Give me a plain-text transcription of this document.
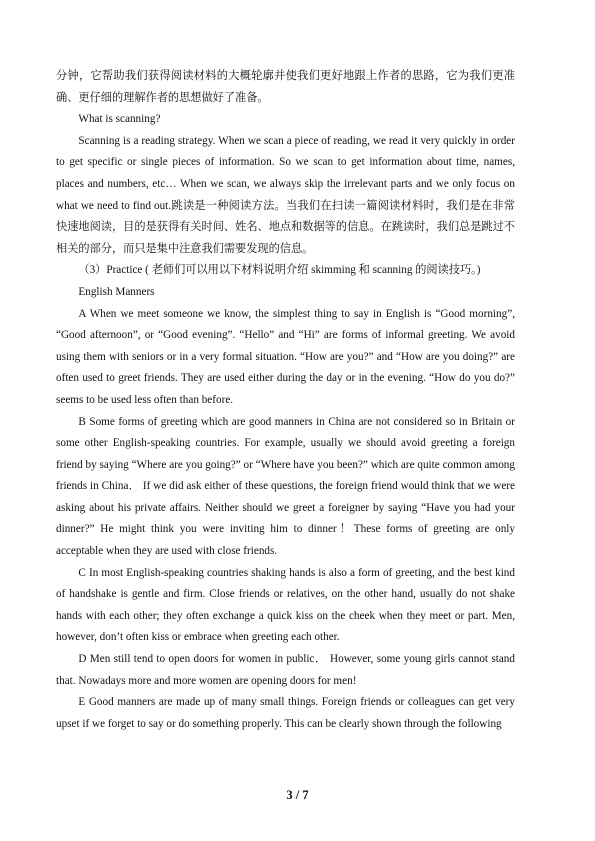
分钟，它帮助我们获得阅读材料的大概轮廓并使我们更好地跟上作者的思路，它为我们更准确、更仔细的理解作者的思想做好了准备。

What is scanning?

Scanning is a reading strategy. When we scan a piece of reading, we read it very quickly in order to get specific or single pieces of information. So we scan to get information about time, names, places and numbers, etc… When we scan, we always skip the irrelevant parts and we only focus on what we need to find out.跳读是一种阅读方法。当我们在扫读一篇阅读材料时，我们是在非常快速地阅读，目的是获得有关时间、姓名、地点和数据等的信息。在跳读时，我们总是跳过不相关的部分，而只是集中注意我们需要发现的信息。

（3）Practice ( 老师们可以用以下材料说明介绍 skimming 和 scanning 的阅读技巧。)

English Manners

A When we meet someone we know, the simplest thing to say in English is “Good morning”, “Good afternoon”, or “Good evening”. “Hello” and “Hi” are forms of informal greeting. We avoid using them with seniors or in a very formal situation. “How are you?” and “How are you doing?” are often used to greet friends. They are used either during the day or in the evening. “How do you do?” seems to be used less often than before.

B Some forms of greeting which are good manners in China are not considered so in Britain or some other English-speaking countries. For example, usually we should avoid greeting a foreign friend by saying “Where are you going?” or “Where have you been?” which are quite common among friends in China． If we did ask either of these questions, the foreign friend would think that we were asking about his private affairs. Neither should we greet a foreigner by saying “Have you had your dinner?” He might think you were inviting him to dinner！These forms of greeting are only acceptable when they are used with close friends.

C In most English-speaking countries shaking hands is also a form of greeting, and the best kind of handshake is gentle and firm. Close friends or relatives, on the other hand, usually do not shake hands with each other; they often exchange a quick kiss on the cheek when they meet or part. Men, however, don’t often kiss or embrace when greeting each other.

D Men still tend to open doors for women in public． However, some young girls cannot stand that. Nowadays more and more women are opening doors for men!

E Good manners are made up of many small things. Foreign friends or colleagues can get very upset if we forget to say or do something properly. This can be clearly shown through the following

3 / 7
